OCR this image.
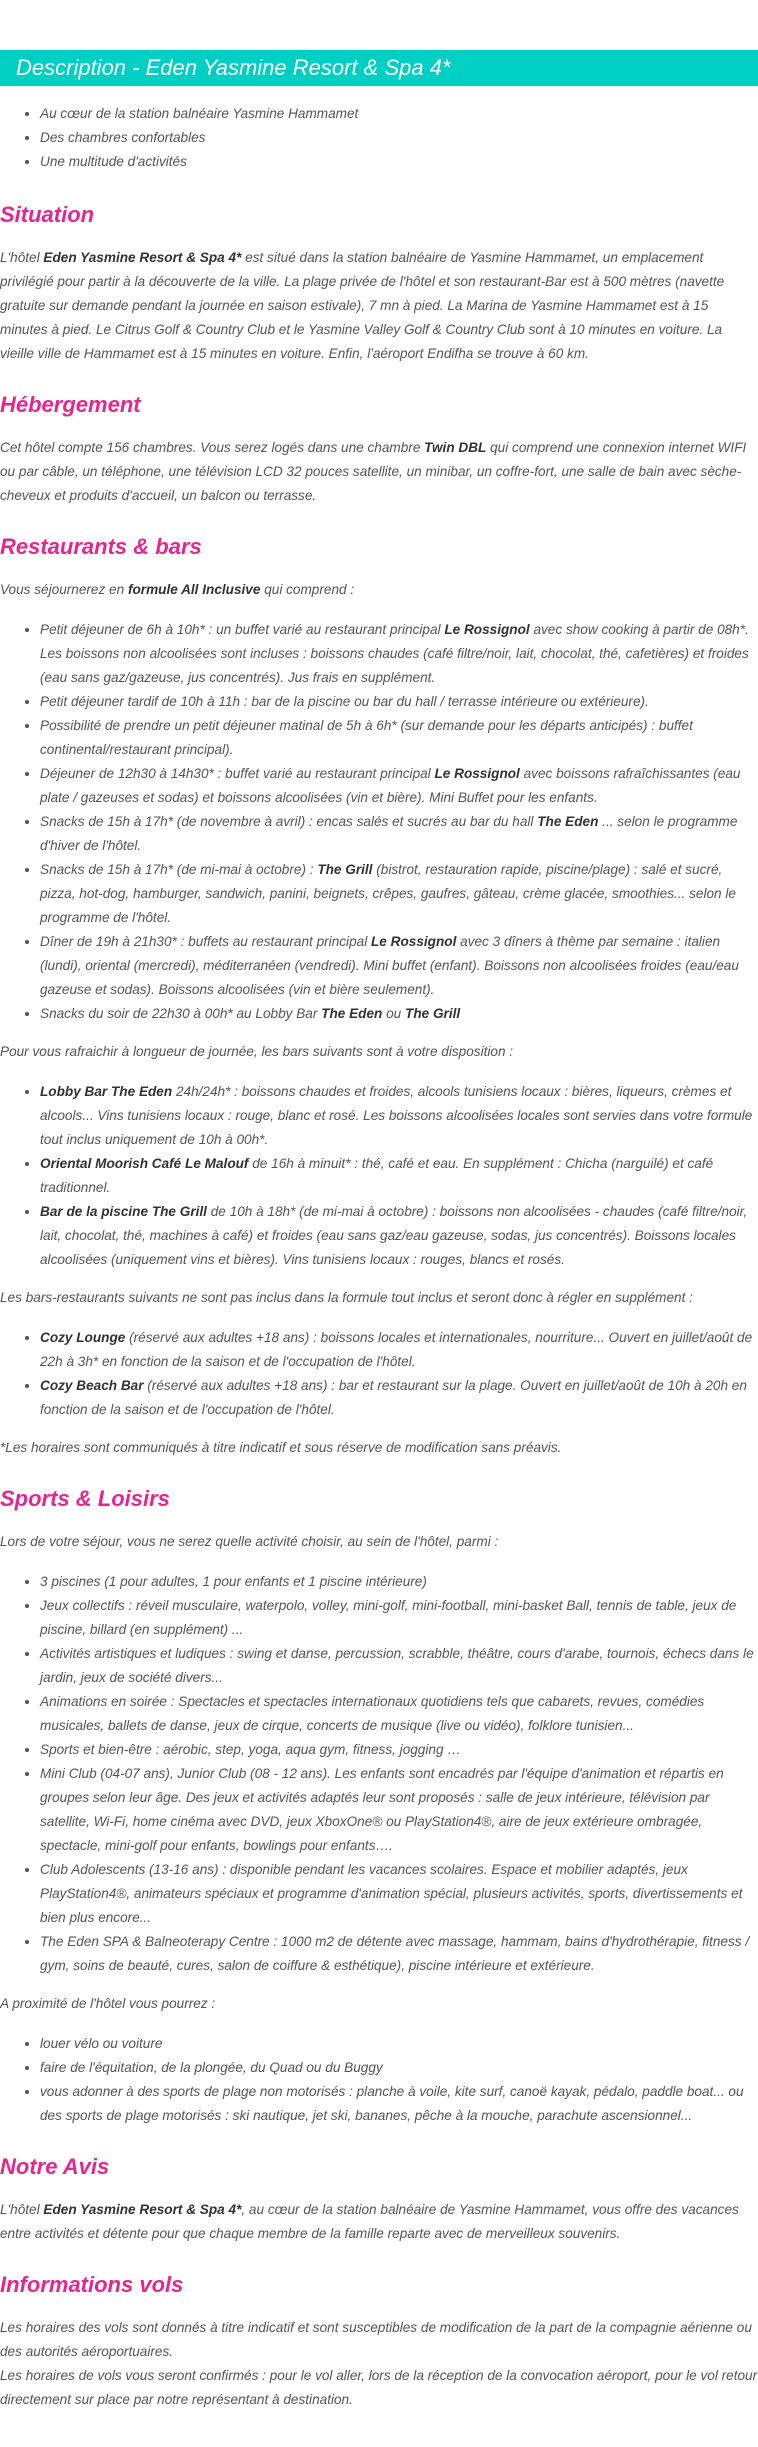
Description - Eden Yasmine Resort & Spa 4*
• Au cœur de la station balnéaire Yasmine Hammamet
• Des chambres confortables
• Une multitude d'activités
Situation

L'hôtel Eden Yasmine Resort & Spa 4* est situé dans la station balnéaire de Yasmine Hammamet, un emplacement privilégié pour partir à la découverte de la ville. La plage privée de l'hôtel et son restaurant-Bar est à 500 mètres (navette gratuite sur demande pendant la journée en saison estivale), 7 mn à pied. La Marina de Yasmine Hammamet est à 15 minutes à pied. Le Citrus Golf & Country Club et le Yasmine Valley Golf & Country Club sont à 10 minutes en voiture. La vieille ville de Hammamet est à 15 minutes en voiture. Enfin, l'aéroport Endifha se trouve à 60 km.

Hébergement

Cet hôtel compte 156 chambres. Vous serez logés dans une chambre Twin DBL qui comprend une connexion internet WIFI ou par câble, un téléphone, une télévision LCD 32 pouces satellite, un minibar, un coffre-fort, une salle de bain avec sèche-cheveux et produits d'accueil, un balcon ou terrasse.

Restaurants & bars

Vous séjournerez en formule All Inclusive qui comprend :

• Petit déjeuner de 6h à 10h* : un buffet varié au restaurant principal Le Rossignol avec show cooking à partir de 08h*. Les boissons non alcoolisées sont incluses : boissons chaudes (café filtre/noir, lait, chocolat, thé, cafetières) et froides (eau sans gaz/gazeuse, jus concentrés). Jus frais en supplément.
• Petit déjeuner tardif de 10h à 11h : bar de la piscine ou bar du hall / terrasse intérieure ou extérieure).
• Possibilité de prendre un petit déjeuner matinal de 5h à 6h* (sur demande pour les départs anticipés) : buffet continental/restaurant principal).
• Déjeuner de 12h30 à 14h30* : buffet varié au restaurant principal Le Rossignol avec boissons rafraîchissantes (eau plate / gazeuses et sodas) et boissons alcoolisées (vin et bière). Mini Buffet pour les enfants.
• Snacks de 15h à 17h* (de novembre à avril) : encas salés et sucrés au bar du hall The Eden ... selon le programme d'hiver de l'hôtel.
• Snacks de 15h à 17h* (de mi-mai à octobre) : The Grill (bistrot, restauration rapide, piscine/plage) : salé et sucré, pizza, hot-dog, hamburger, sandwich, panini, beignets, crêpes, gaufres, gâteau, crème glacée, smoothies... selon le programme de l'hôtel.
• Dîner de 19h à 21h30* : buffets au restaurant principal Le Rossignol avec 3 dîners à thème par semaine : italien (lundi), oriental (mercredi), méditerranéen (vendredi). Mini buffet (enfant). Boissons non alcoolisées froides (eau/eau gazeuse et sodas). Boissons alcoolisées (vin et bière seulement).
• Snacks du soir de 22h30 à 00h* au Lobby Bar The Eden ou The Grill

Pour vous rafraichir à longueur de journée, les bars suivants sont à votre disposition :

• Lobby Bar The Eden 24h/24h* : boissons chaudes et froides, alcools tunisiens locaux : bières, liqueurs, crèmes et alcools... Vins tunisiens locaux : rouge, blanc et rosé. Les boissons alcoolisées locales sont servies dans votre formule tout inclus uniquement de 10h à 00h*.
• Oriental Moorish Café Le Malouf de 16h à minuit* : thé, café et eau. En supplément : Chicha (narguilé) et café traditionnel.
• Bar de la piscine The Grill de 10h à 18h* (de mi-mai à octobre) : boissons non alcoolisées - chaudes (café filtre/noir, lait, chocolat, thé, machines à café) et froides (eau sans gaz/eau gazeuse, sodas, jus concentrés). Boissons locales alcoolisées (uniquement vins et bières). Vins tunisiens locaux : rouges, blancs et rosés.

Les bars-restaurants suivants ne sont pas inclus dans la formule tout inclus et seront donc à régler en supplément :

• Cozy Lounge (réservé aux adultes +18 ans) : boissons locales et internationales, nourriture... Ouvert en juillet/août de 22h à 3h* en fonction de la saison et de l'occupation de l'hôtel.
• Cozy Beach Bar (réservé aux adultes +18 ans) : bar et restaurant sur la plage. Ouvert en juillet/août de 10h à 20h en fonction de la saison et de l'occupation de l'hôtel.

*Les horaires sont communiqués à titre indicatif et sous réserve de modification sans préavis.

Sports & Loisirs

Lors de votre séjour, vous ne serez quelle activité choisir, au sein de l'hôtel, parmi :

• 3 piscines (1 pour adultes, 1 pour enfants et 1 piscine intérieure)
• Jeux collectifs : réveil musculaire, waterpolo, volley, mini-golf, mini-football, mini-basket Ball, tennis de table, jeux de piscine, billard (en supplément) ...
• Activités artistiques et ludiques : swing et danse, percussion, scrabble, théâtre, cours d'arabe, tournois, échecs dans le jardin, jeux de société divers...
• Animations en soirée : Spectacles et spectacles internationaux quotidiens tels que cabarets, revues, comédies musicales, ballets de danse, jeux de cirque, concerts de musique (live ou vidéo), folklore tunisien...
• Sports et bien-être : aérobic, step, yoga, aqua gym, fitness, jogging …
• Mini Club (04-07 ans), Junior Club (08 - 12 ans). Les enfants sont encadrés par l'équipe d'animation et répartis en groupes selon leur âge. Des jeux et activités adaptés leur sont proposés : salle de jeux intérieure, télévision par satellite, Wi-Fi, home cinéma avec DVD, jeux XboxOne® ou PlayStation4®, aire de jeux extérieure ombragée, spectacle, mini-golf pour enfants, bowlings pour enfants….
• Club Adolescents (13-16 ans) : disponible pendant les vacances scolaires. Espace et mobilier adaptés, jeux PlayStation4®, animateurs spéciaux et programme d'animation spécial, plusieurs activités, sports, divertissements et bien plus encore...
• The Eden SPA & Balneoterapy Centre : 1000 m2 de détente avec massage, hammam, bains d'hydrothérapie, fitness / gym, soins de beauté, cures, salon de coiffure & esthétique), piscine intérieure et extérieure.

A proximité de l'hôtel vous pourrez :

• louer vélo ou voiture
• faire de l'équitation, de la plongée, du Quad ou du Buggy
• vous adonner à des sports de plage non motorisés : planche à voile, kite surf, canoë kayak, pédalo, paddle boat... ou des sports de plage motorisés : ski nautique, jet ski, bananes, pêche à la mouche, parachute ascensionnel...
Notre Avis

L'hôtel Eden Yasmine Resort & Spa 4*, au cœur de la station balnéaire de Yasmine Hammamet, vous offre des vacances entre activités et détente pour que chaque membre de la famille reparte avec de merveilleux souvenirs.

Informations vols

Les horaires des vols sont donnés à titre indicatif et sont susceptibles de modification de la part de la compagnie aérienne ou des autorités aéroportuaires.
Les horaires de vols vous seront confirmés : pour le vol aller, lors de la réception de la convocation aéroport, pour le vol retour directement sur place par notre représentant à destination.
